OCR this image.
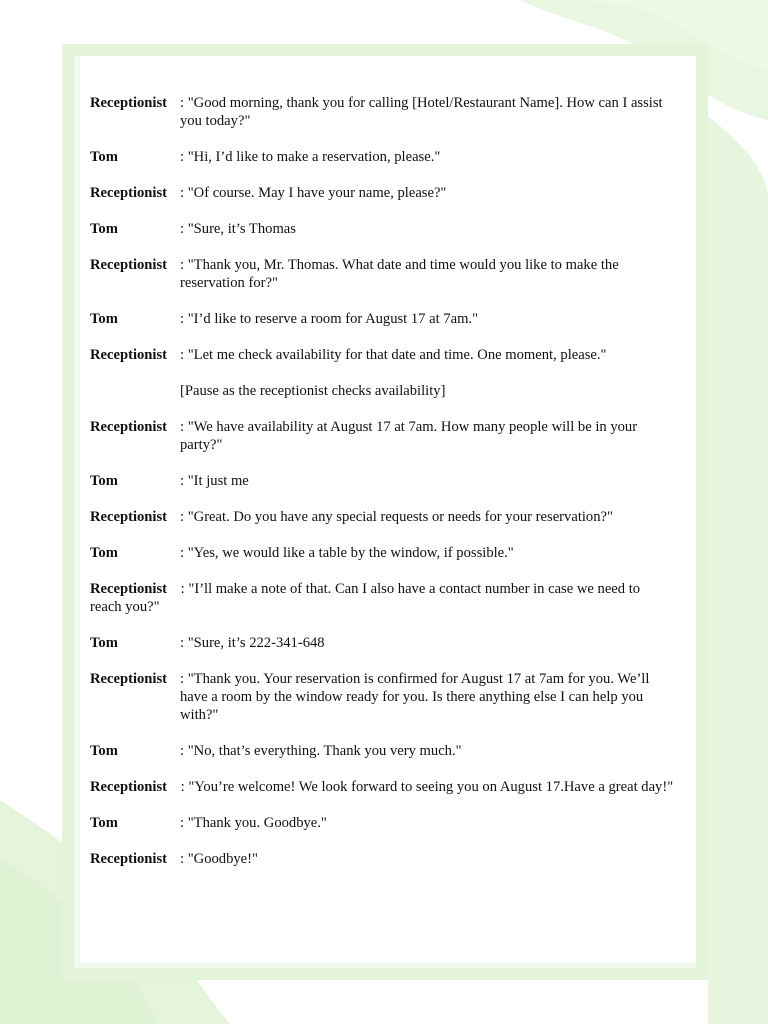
Receptionist : "Good morning, thank you for calling [Hotel/Restaurant Name]. How can I assist you today?"
Tom	: "Hi, I’d like to make a reservation, please."
Receptionist : "Of course. May I have your name, please?"
Tom	: "Sure, it’s Thomas
Receptionist : "Thank you, Mr. Thomas. What date and time would you like to make the reservation for?"
Tom	: "I’d like to reserve a room for August 17 at 7am."
Receptionist : "Let me check availability for that date and time. One moment, please."
[Pause as the receptionist checks availability]
Receptionist : "We have availability at August 17 at 7am. How many people will be in your party?"
Tom	: "It just me
Receptionist : "Great. Do you have any special requests or needs for your reservation?"
Tom	: "Yes, we would like a table by the window, if possible."
Receptionist : "I’ll make a note of that. Can I also have a contact number in case we need to reach you?"
Tom	: "Sure, it’s 222-341-648
Receptionist : "Thank you. Your reservation is confirmed for August 17 at 7am for you. We’ll have a room by the window ready for you. Is there anything else I can help you with?"
Tom	: "No, that’s everything. Thank you very much."
Receptionist : "You’re welcome! We look forward to seeing you on August 17.Have a great day!"
Tom	: "Thank you. Goodbye."
Receptionist : "Goodbye!"
